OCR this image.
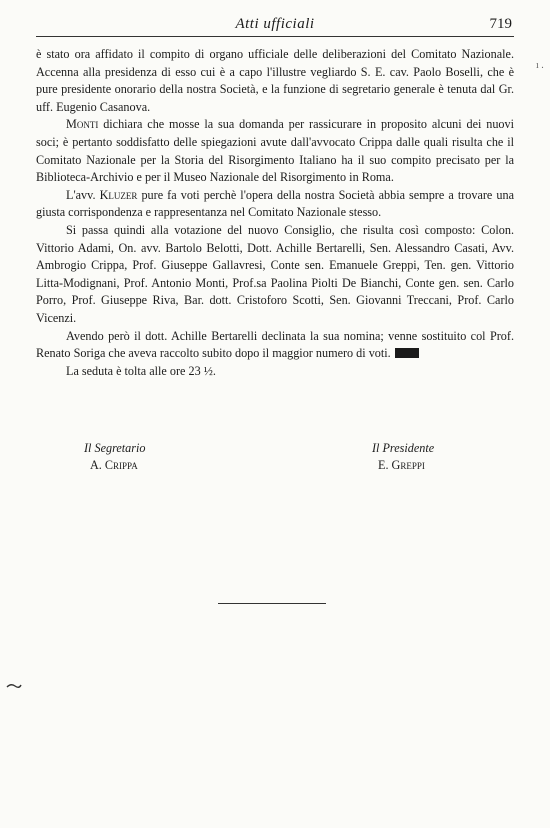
Atti ufficiali	719
ı .

è stato ora affidato il compito di organo ufficiale delle deliberazioni del Comitato Nazionale. Accenna alla presidenza di esso cui è a capo l'illustre vegliardo S. E. cav. Paolo Boselli, che è pure presidente onorario della nostra Società, e la funzione di segretario generale è tenuta dal Gr. uff. Eugenio Casanova.

Monti dichiara che mosse la sua domanda per rassicurare in proposito alcuni dei nuovi soci; è pertanto soddisfatto delle spiegazioni avute dall'avvocato Crippa dalle quali risulta che il Comitato Nazionale per la Storia del Risorgimento Italiano ha il suo compito precisato per la Biblioteca-Archivio e per il Museo Nazionale del Risorgimento in Roma.

L'avv. Kluzer pure fa voti perchè l'opera della nostra Società abbia sempre a trovare una giusta corrispondenza e rappresentanza nel Comitato Nazionale stesso.

Si passa quindi alla votazione del nuovo Consiglio, che risulta così composto: Colon. Vittorio Adami, On. avv. Bartolo Belotti, Dott. Achille Bertarelli, Sen. Alessandro Casati, Avv. Ambrogio Crippa, Prof. Giuseppe Gallavresi, Conte sen. Emanuele Greppi, Ten. gen. Vittorio Litta-Modignani, Prof. Antonio Monti, Prof.sa Paolina Piolti De Bianchi, Conte gen. sen. Carlo Porro, Prof. Giuseppe Riva, Bar. dott. Cristoforo Scotti, Sen. Giovanni Treccani, Prof. Carlo Vicenzi.

Avendo però il dott. Achille Bertarelli declinata la sua nomina; venne sostituito col Prof. Renato Soriga che aveva raccolto subito dopo il maggior numero di voti.

La seduta è tolta alle ore 23 ½.

Il Segretario
A. Crippa
Il Presidente
E. Greppi
